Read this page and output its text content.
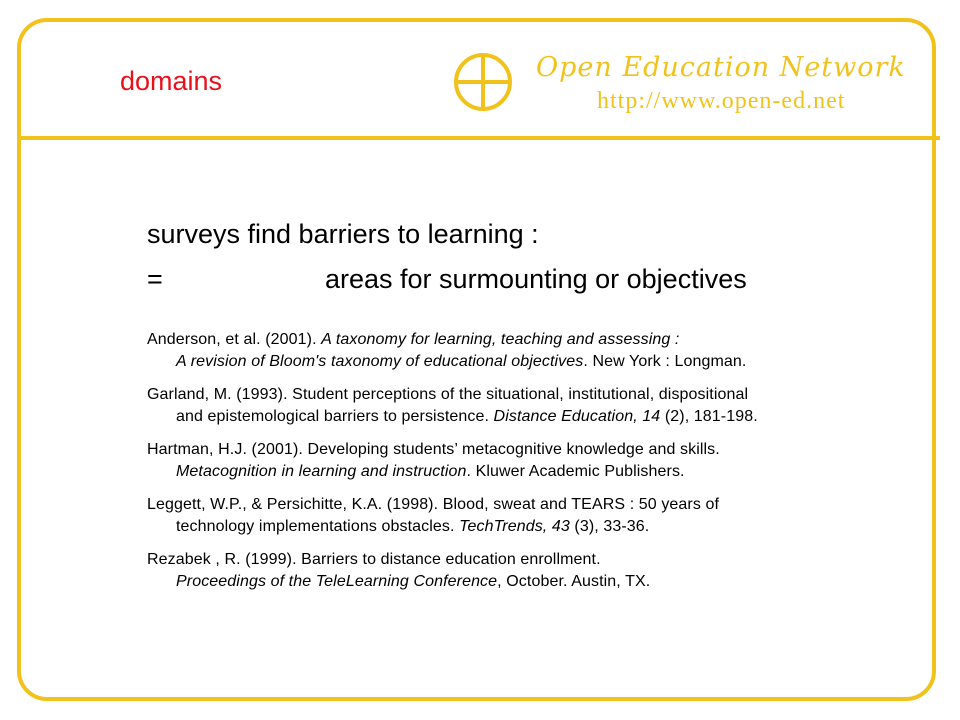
domains	Open Education Network
http://www.open-ed.net
surveys find barriers to learning :
=	areas for surmounting or objectives
Anderson, et al. (2001). A taxonomy for learning, teaching and assessing :
A revision of Bloom's taxonomy of educational objectives. New York : Longman.
Garland, M. (1993). Student perceptions of the situational, institutional, dispositional
and epistemological barriers to persistence. Distance Education, 14 (2), 181-198.
Hartman, H.J. (2001). Developing students’ metacognitive knowledge and skills.
Metacognition in learning and instruction. Kluwer Academic Publishers.
Leggett, W.P., & Persichitte, K.A. (1998). Blood, sweat and TEARS : 50 years of
technology implementations obstacles. TechTrends, 43 (3), 33-36.
Rezabek , R. (1999). Barriers to distance education enrollment.
Proceedings of the TeleLearning Conference, October. Austin, TX.
